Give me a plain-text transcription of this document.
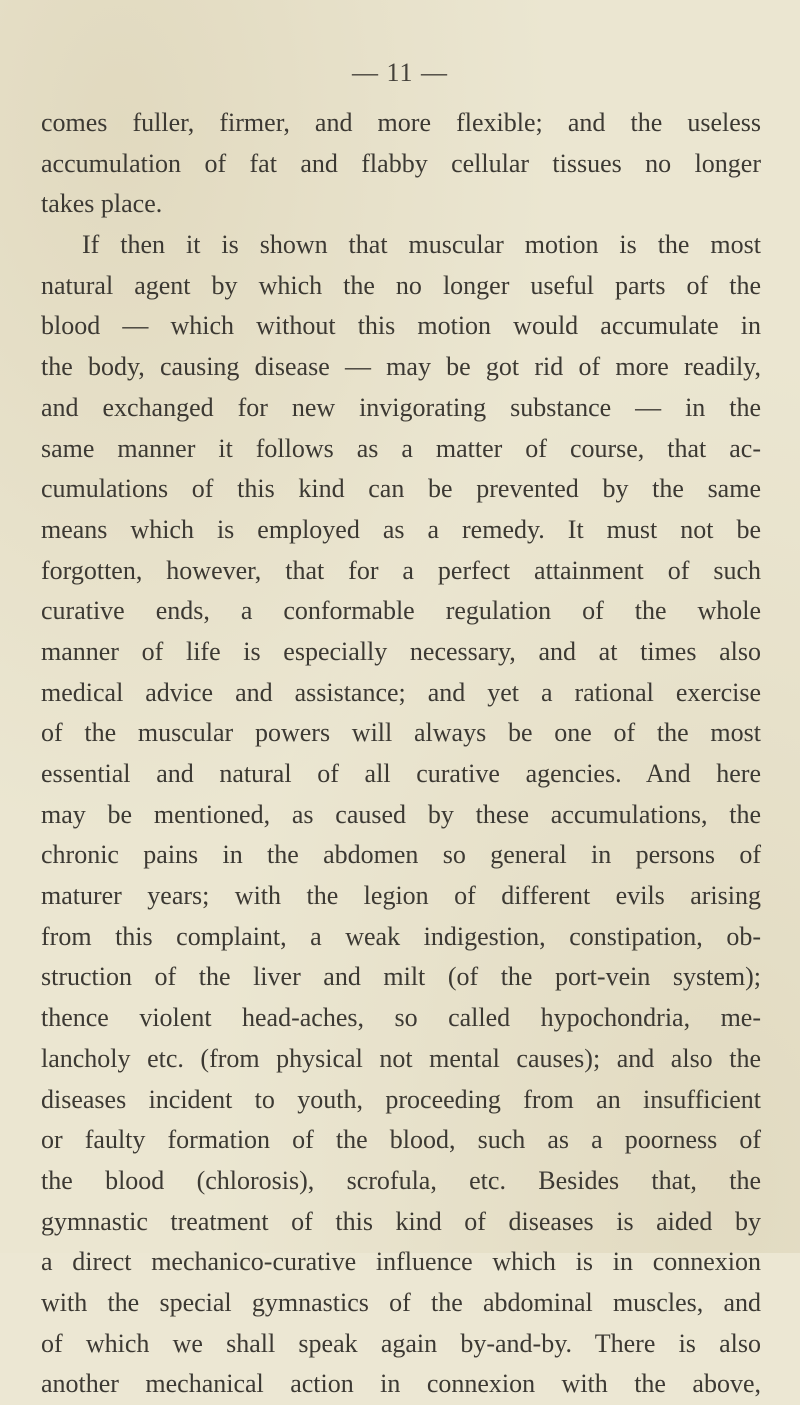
— 11 —
comes fuller, firmer, and more flexible; and the useless
accumulation of fat and flabby cellular tissues no longer
takes place.
If then it is shown that muscular motion is the most
natural agent by which the no longer useful parts of the
blood — which without this motion would accumulate in
the body, causing disease — may be got rid of more readily,
and exchanged for new invigorating substance — in the
same manner it follows as a matter of course, that ac-
cumulations of this kind can be prevented by the same
means which is employed as a remedy. It must not be
forgotten, however, that for a perfect attainment of such
curative ends, a conformable regulation of the whole
manner of life is especially necessary, and at times also
medical advice and assistance; and yet a rational exercise
of the muscular powers will always be one of the most
essential and natural of all curative agencies. And here
may be mentioned, as caused by these accumulations, the
chronic pains in the abdomen so general in persons of
maturer years; with the legion of different evils arising
from this complaint, a weak indigestion, constipation, ob-
struction of the liver and milt (of the port-vein system);
thence violent head-aches, so called hypochondria, me-
lancholy etc. (from physical not mental causes); and also the
diseases incident to youth, proceeding from an insufficient
or faulty formation of the blood, such as a poorness of
the blood (chlorosis), scrofula, etc. Besides that, the
gymnastic treatment of this kind of diseases is aided by
a direct mechanico-curative influence which is in connexion
with the special gymnastics of the abdominal muscles, and
of which we shall speak again by-and-by. There is also
another mechanical action in connexion with the above,
